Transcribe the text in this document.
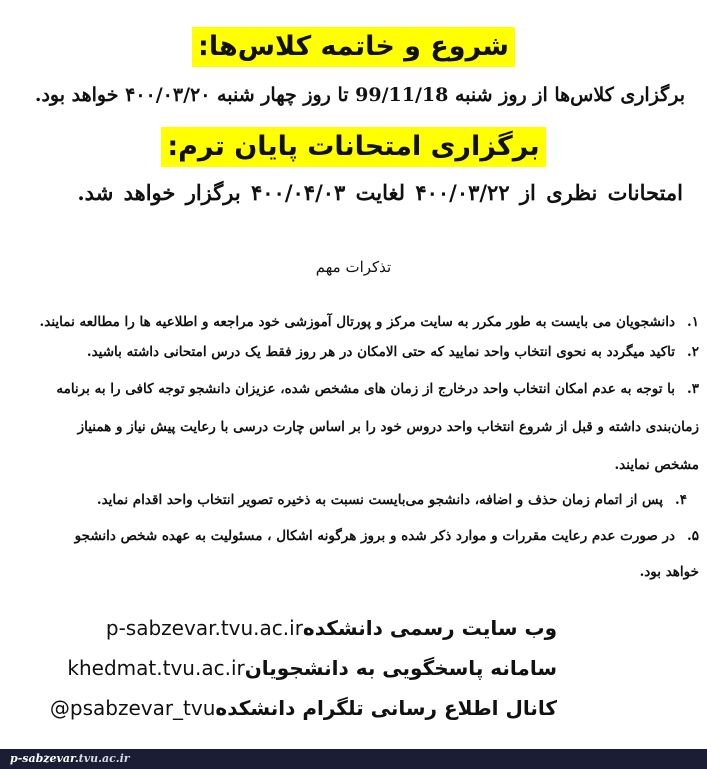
شروع و خاتمه کلاس‌ها:
برگزاری کلاس‌ها از روز شنبه 99/11/18 تا روز چهار شنبه ۴۰۰/۰۳/۲۰ خواهد بود.
برگزاری امتحانات پایان ترم:
امتحانات نظری از ۴۰۰/۰۳/۲۲ لغایت ۴۰۰/۰۴/۰۳ برگزار خواهد شد.
تذکرات مهم
۱.دانشجویان می بایست به طور مکرر به سایت مرکز و پورتال آموزشی خود مراجعه و اطلاعیه ها را مطالعه نمایند.
۲.تاکید میگردد به نحوی انتخاب واحد نمایید که حتی الامکان در هر روز فقط یک درس امتحانی داشته باشید.
۳.با توجه به عدم امکان انتخاب واحد درخارج از زمان های مشخص شده، عزیزان دانشجو توجه کافی را به برنامه زمان‌بندی داشته و قبل از شروع انتخاب واحد دروس خود را بر اساس چارت درسی با رعایت پیش نیاز و همنیاز مشخص نمایند.
۴.پس از اتمام زمان حذف و اضافه، دانشجو می‌بایست نسبت به ذخیره تصویر انتخاب واحد اقدام نماید.
۵.در صورت عدم رعایت مقررات و موارد ذکر شده و بروز هرگونه اشکال ، مسئولیت به عهده شخص دانشجو خواهد بود.
وب سایت رسمی دانشکدهp-sabzevar.tvu.ac.ir
سامانه پاسخگویی به دانشجویانkhedmat.tvu.ac.ir
کانال اطلاع رسانی تلگرام دانشکده@psabzevar_tvu
p-sabzevar.tvu.ac.ir
